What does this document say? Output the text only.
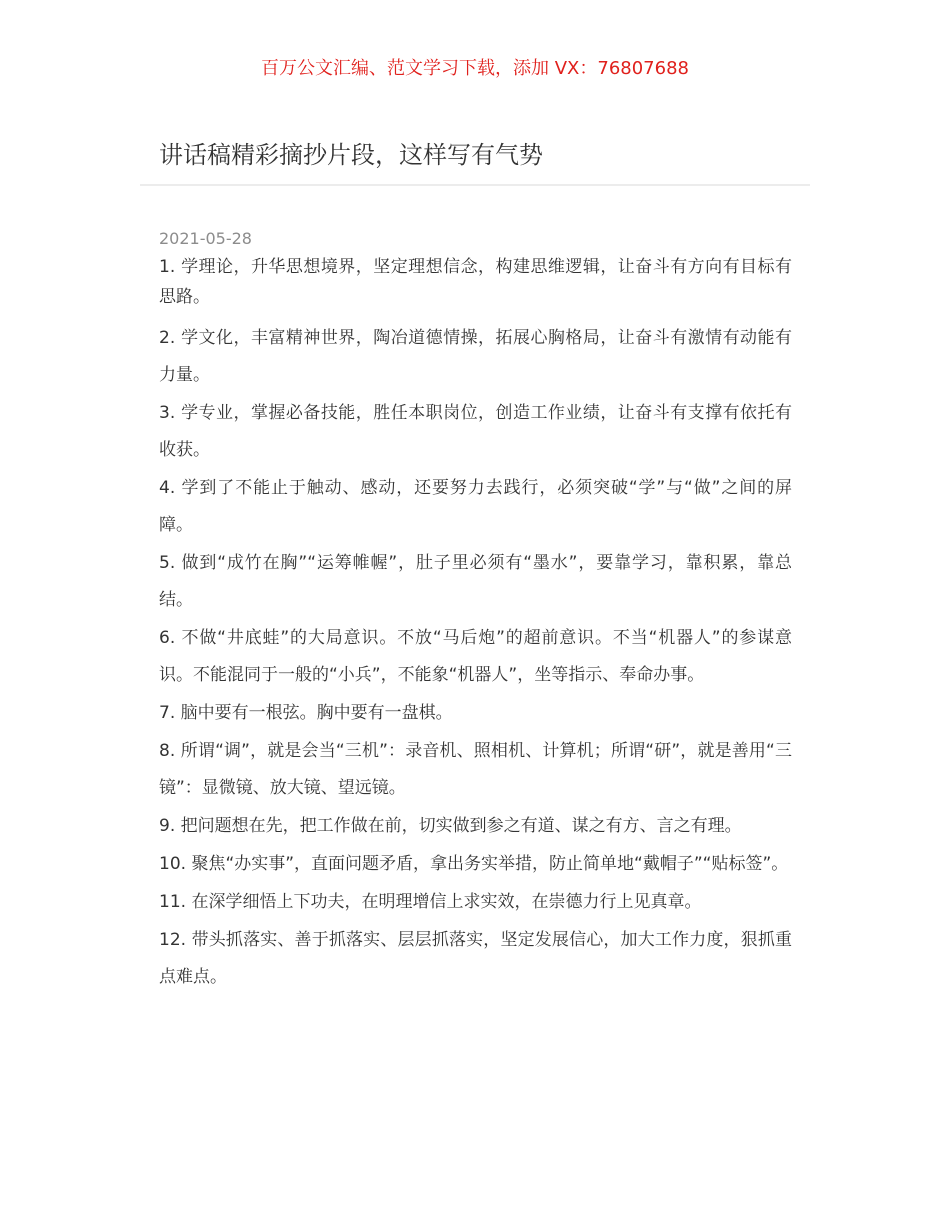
百万公文汇编、范文学习下载，添加 VX：76807688
讲话稿精彩摘抄片段，这样写有气势
2021-05-28

1. 学理论，升华思想境界，坚定理想信念，构建思维逻辑，让奋斗有方向有目标有思路。

2. 学文化，丰富精神世界，陶冶道德情操，拓展心胸格局，让奋斗有激情有动能有力量。

3. 学专业，掌握必备技能，胜任本职岗位，创造工作业绩，让奋斗有支撑有依托有收获。

4. 学到了不能止于触动、感动，还要努力去践行，必须突破“学”与“做”之间的屏障。

5. 做到“成竹在胸”“运筹帷幄”，肚子里必须有“墨水”，要靠学习，靠积累，靠总结。

6. 不做“井底蛙”的大局意识。不放“马后炮”的超前意识。不当“机器人”的参谋意识。不能混同于一般的“小兵”，不能象“机器人”，坐等指示、奉命办事。

7. 脑中要有一根弦。胸中要有一盘棋。

8. 所谓“调”，就是会当“三机”：录音机、照相机、计算机；所谓“研”，就是善用“三镜”：显微镜、放大镜、望远镜。

9. 把问题想在先，把工作做在前，切实做到参之有道、谋之有方、言之有理。

10. 聚焦“办实事”，直面问题矛盾，拿出务实举措，防止简单地“戴帽子”“贴标签”。

11. 在深学细悟上下功夫，在明理增信上求实效，在崇德力行上见真章。

12. 带头抓落实、善于抓落实、层层抓落实，坚定发展信心，加大工作力度，狠抓重点难点。
